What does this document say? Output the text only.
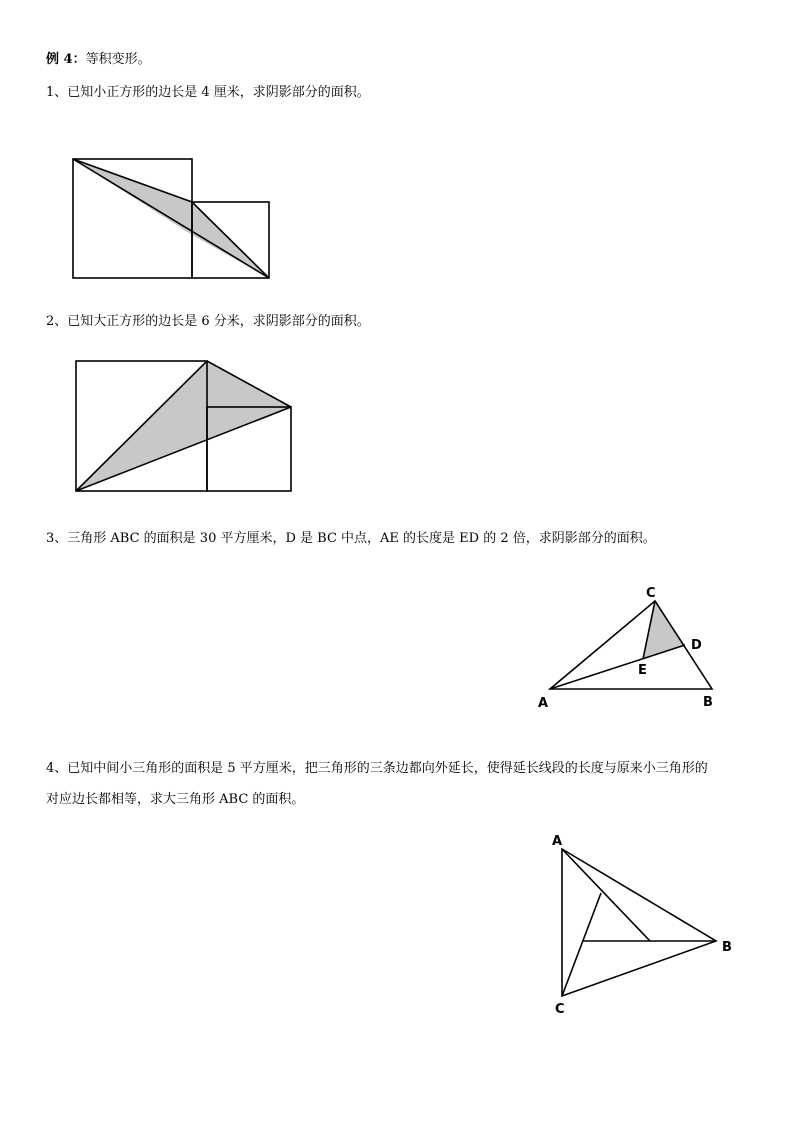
例 4：等积变形。
1、已知小正方形的边长是 4 厘米，求阴影部分的面积。
2、已知大正方形的边长是 6 分米，求阴影部分的面积。
3、三角形 ABC 的面积是 30 平方厘米，D 是 BC 中点，AE 的长度是 ED 的 2 倍，求阴影部分的面积。
C
D
E
A	B
4、已知中间小三角形的面积是 5 平方厘米，把三角形的三条边都向外延长，使得延长线段的长度与原来小三角形的
对应边长都相等，求大三角形 ABC 的面积。
A
B
C
